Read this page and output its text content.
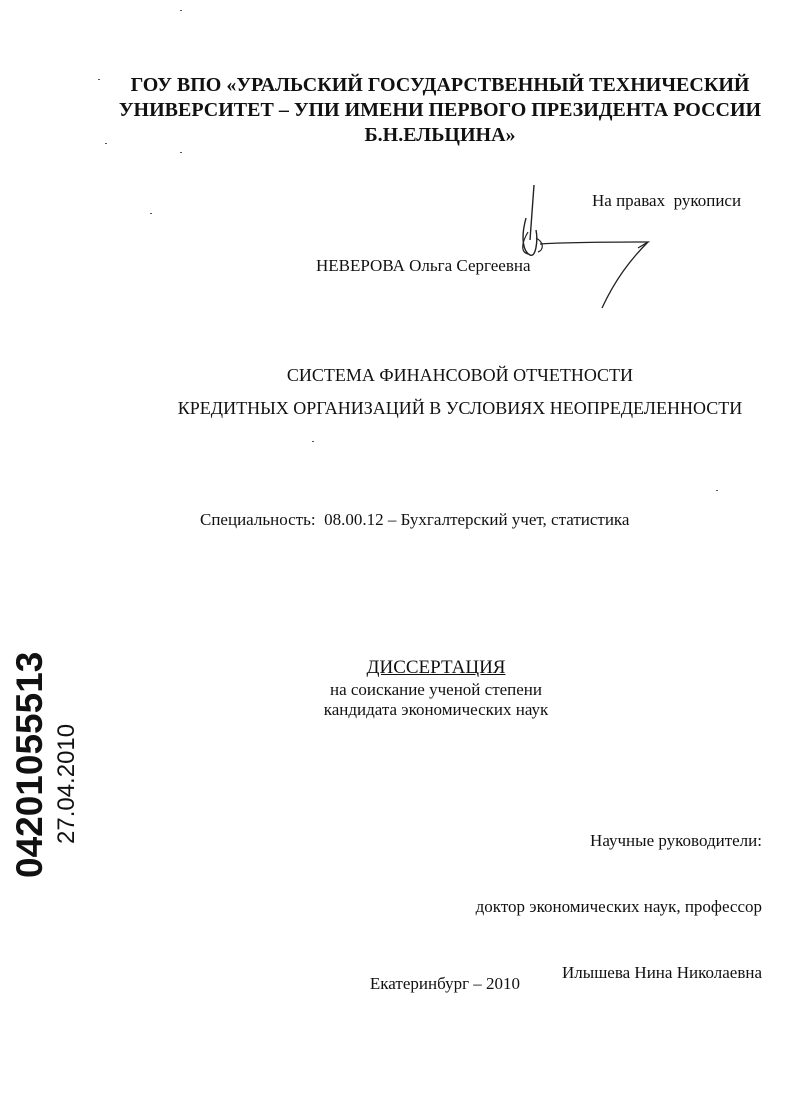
ГОУ ВПО «УРАЛЬСКИЙ ГОСУДАРСТВЕННЫЙ ТЕХНИЧЕСКИЙ
УНИВЕРСИТЕТ – УПИ ИМЕНИ ПЕРВОГО ПРЕЗИДЕНТА РОССИИ
Б.Н.ЕЛЬЦИНА»
На правах  рукописи
НЕВЕРОВА Ольга Сергеевна
СИСТЕМА ФИНАНСОВОЙ ОТЧЕТНОСТИ
КРЕДИТНЫХ ОРГАНИЗАЦИЙ В УСЛОВИЯХ НЕОПРЕДЕЛЕННОСТИ
Специальность:  08.00.12 – Бухгалтерский учет, статистика
ДИССЕРТАЦИЯ
на соискание ученой степени
кандидата экономических наук

Научные руководители:

доктор экономических наук, профессор

Илышева Нина Николаевна

Екатеринбург – 2010
04201055513 27.04.2010
